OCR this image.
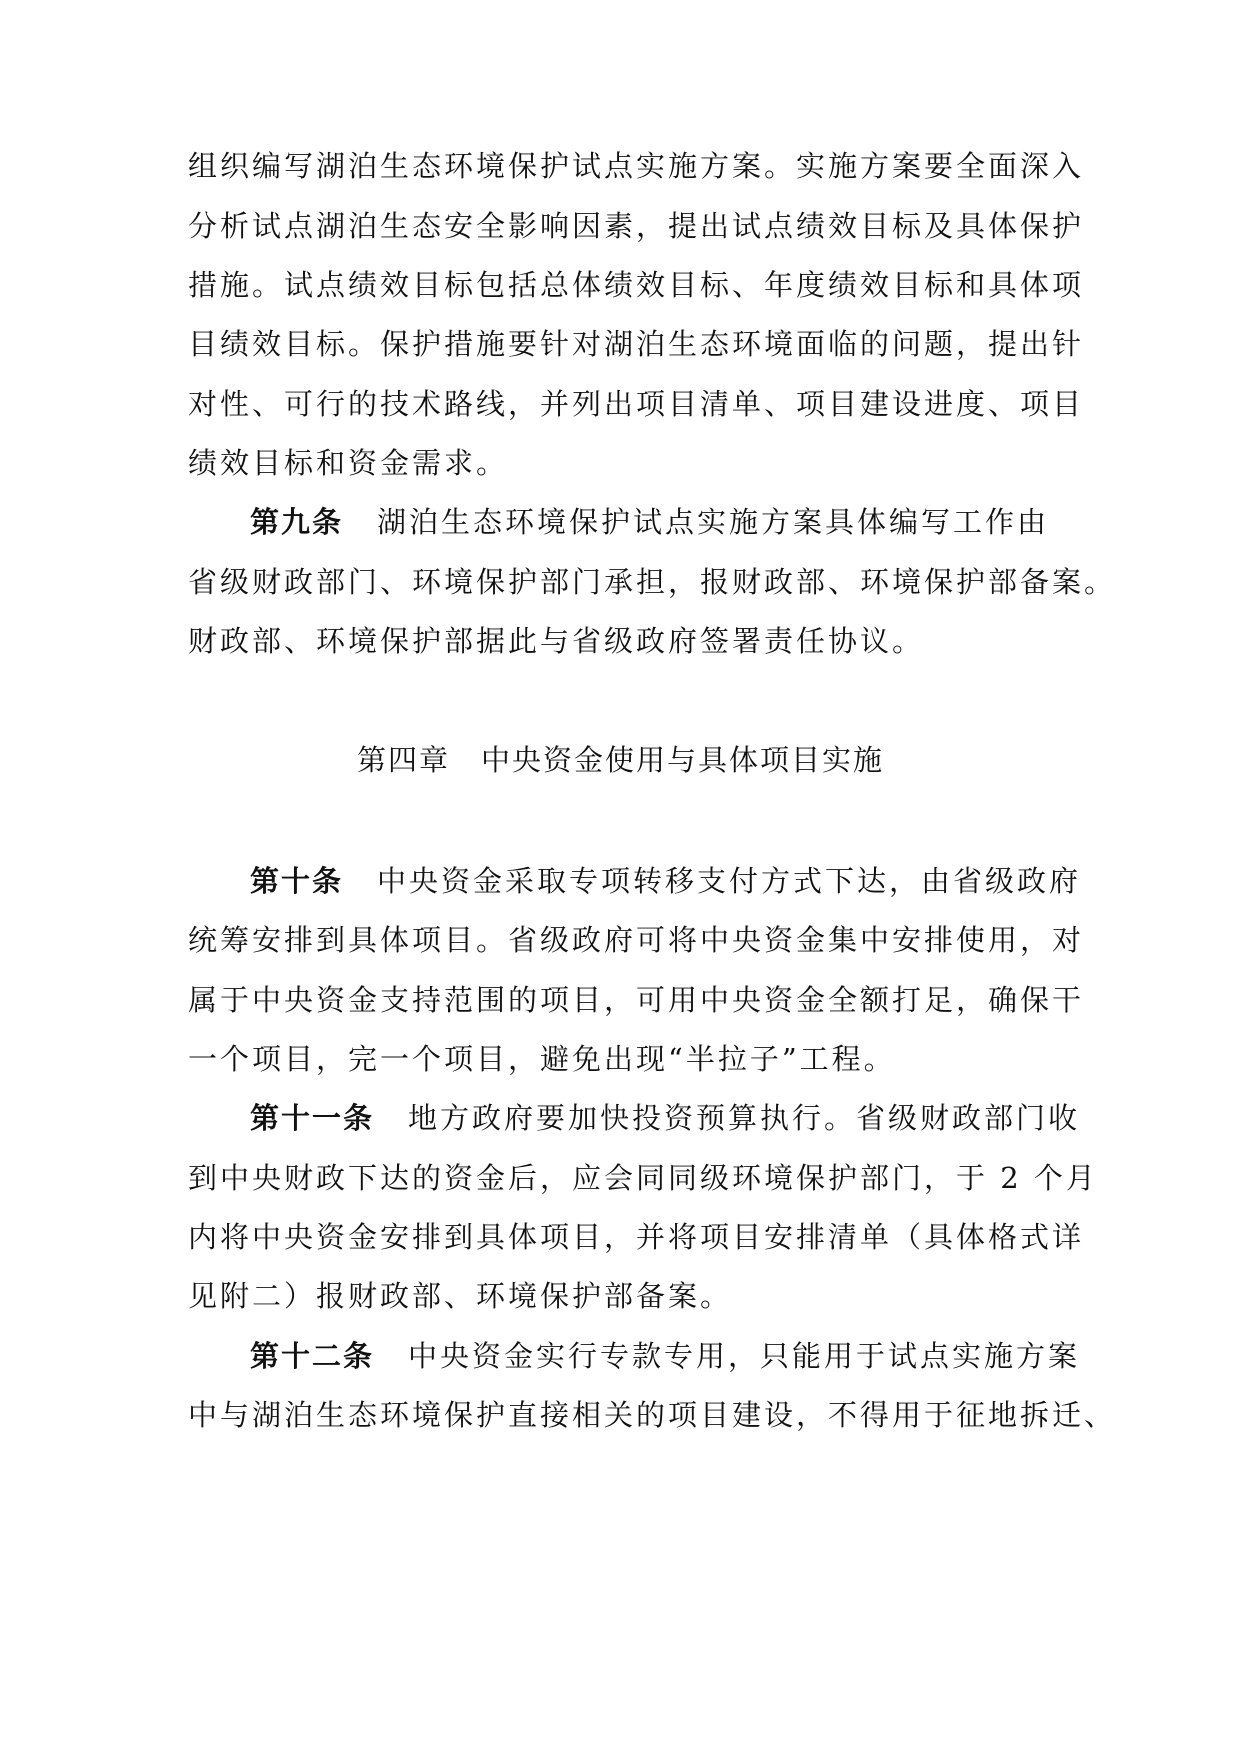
组织编写湖泊生态环境保护试点实施方案。实施方案要全面深入
分析试点湖泊生态安全影响因素，提出试点绩效目标及具体保护
措施。试点绩效目标包括总体绩效目标、年度绩效目标和具体项
目绩效目标。保护措施要针对湖泊生态环境面临的问题，提出针
对性、可行的技术路线，并列出项目清单、项目建设进度、项目
绩效目标和资金需求。
第九条 湖泊生态环境保护试点实施方案具体编写工作由
省级财政部门、环境保护部门承担，报财政部、环境保护部备案。
财政部、环境保护部据此与省级政府签署责任协议。
第四章　中央资金使用与具体项目实施
第十条 中央资金采取专项转移支付方式下达，由省级政府
统筹安排到具体项目。省级政府可将中央资金集中安排使用，对
属于中央资金支持范围的项目，可用中央资金全额打足，确保干
一个项目，完一个项目，避免出现“半拉子”工程。
第十一条 地方政府要加快投资预算执行。省级财政部门收
到中央财政下达的资金后，应会同同级环境保护部门，于 2 个月
内将中央资金安排到具体项目，并将项目安排清单（具体格式详
见附二）报财政部、环境保护部备案。
第十二条 中央资金实行专款专用，只能用于试点实施方案
中与湖泊生态环境保护直接相关的项目建设，不得用于征地拆迁、
